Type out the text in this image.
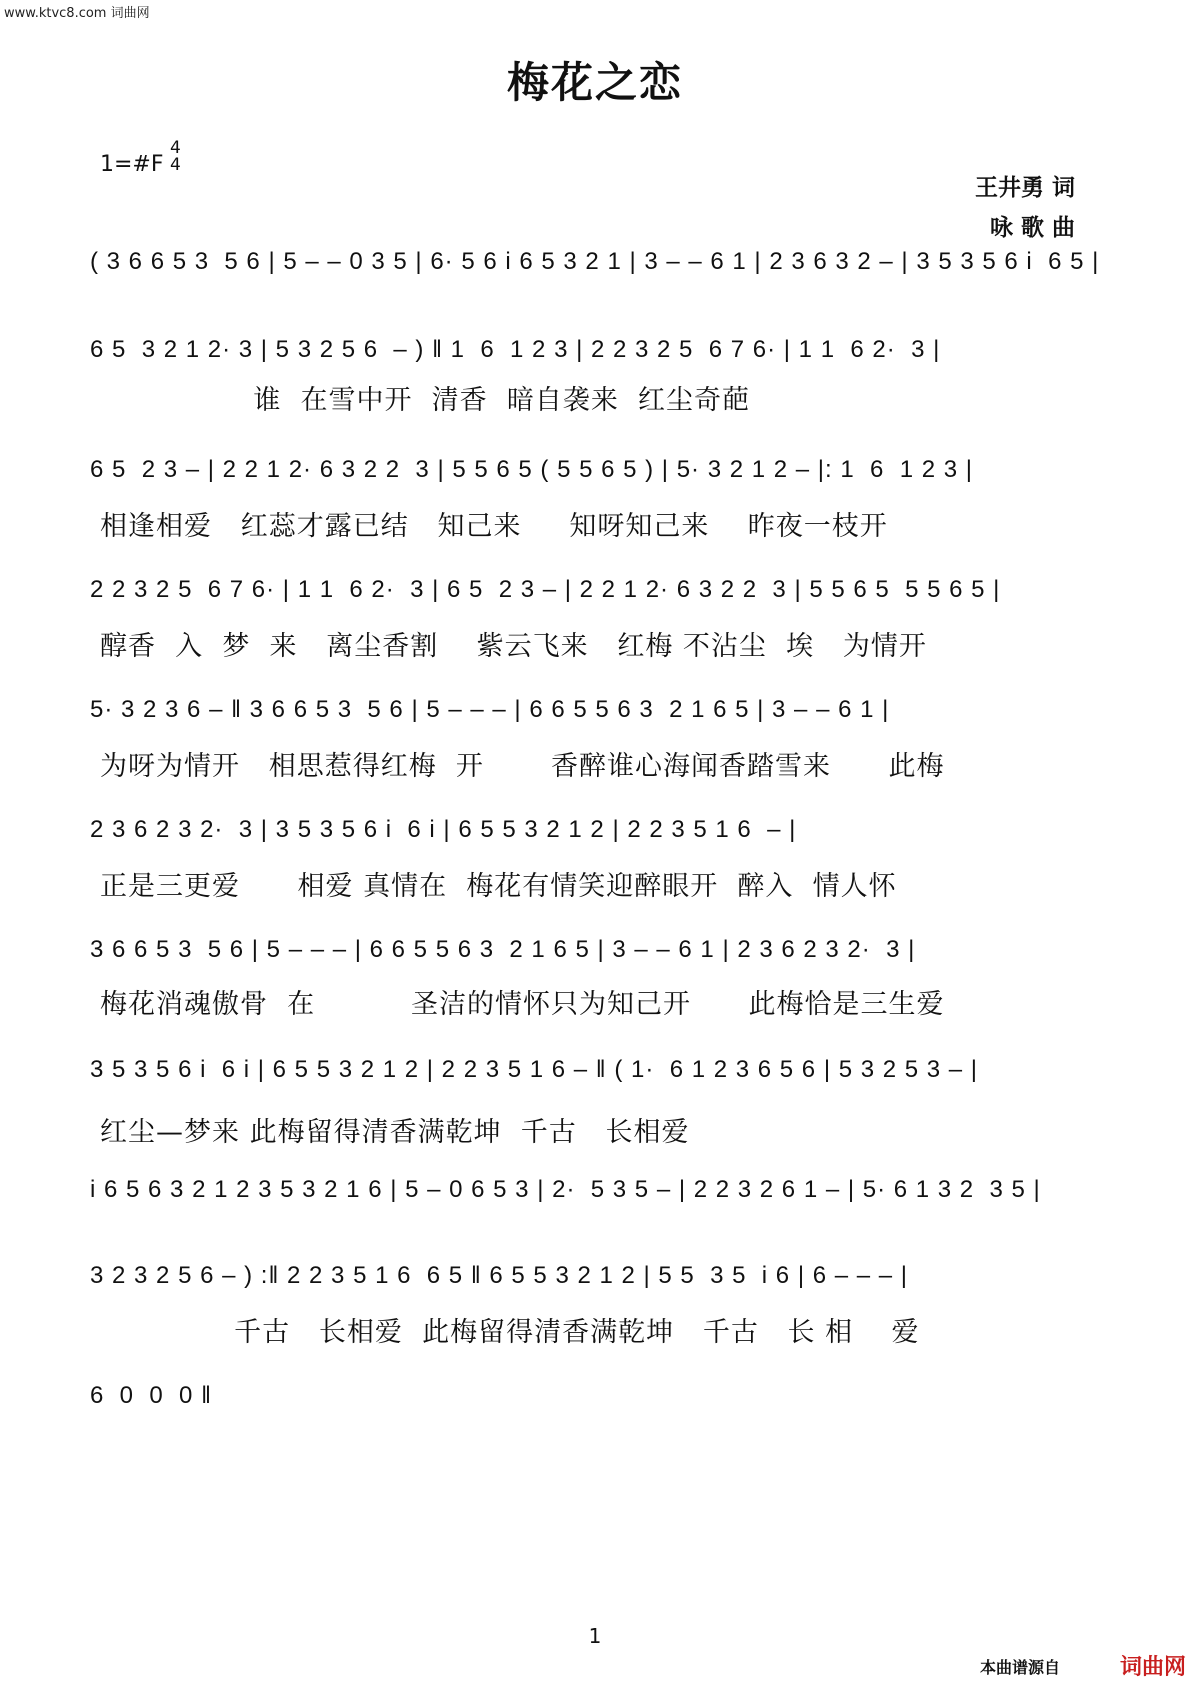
www.ktvc8.com 词曲网
梅花之恋
1=#F
4
4
王井勇 词
咏 歌 曲
( 3 6 6 5 3  5 6 | 5 – – 0 3 5 | 6· 5 6 i 6 5 3 2 1 | 3 – – 6 1 | 2 3 6 3 2 – | 3 5 3 5 6 i  6 5 |
6 5  3 2 1 2· 3 | 5 3 2 5 6  – ) ‖ 1  6  1 2 3 | 2 2 3 2 5  6 7 6· | 1 1  6 2·  3 |
谁  在雪中开  清香  暗自袭来  红尘奇葩
6 5  2 3 – | 2 2 1 2· 6 3 2 2  3 | 5 5 6 5 ( 5 5 6 5 ) | 5· 3 2 1 2 – |: 1  6  1 2 3 |
相逢相爱   红蕊才露已结   知己来     知呀知己来    昨夜一枝开
2 2 3 2 5  6 7 6· | 1 1  6 2·  3 | 6 5  2 3 – | 2 2 1 2· 6 3 2 2  3 | 5 5 6 5  5 5 6 5 |
醇香  入  梦  来   离尘香割    紫云飞来   红梅 不沾尘  埃   为情开
5· 3 2 3 6 – ‖ 3 6 6 5 3  5 6 | 5 – – – | 6 6 5 5 6 3  2 1 6 5 | 3 – – 6 1 |
为呀为情开   相思惹得红梅  开       香醉谁心海闻香踏雪来      此梅
2 3 6 2 3 2·  3 | 3 5 3 5 6 i  6 i | 6 5 5 3 2 1 2 | 2 2 3 5 1 6  – |
正是三更爱      相爱 真情在  梅花有情笑迎醉眼开  醉入  情人怀
3 6 6 5 3  5 6 | 5 – – – | 6 6 5 5 6 3  2 1 6 5 | 3 – – 6 1 | 2 3 6 2 3 2·  3 |
梅花消魂傲骨  在          圣洁的情怀只为知己开      此梅恰是三生爱
3 5 3 5 6 i  6 i | 6 5 5 3 2 1 2 | 2 2 3 5 1 6 – ‖ ( 1·  6 1 2 3 6 5 6 | 5 3 2 5 3 – |
红尘—梦来 此梅留得清香满乾坤  千古   长相爱
i 6 5 6 3 2 1 2 3 5 3 2 1 6 | 5 – 0 6 5 3 | 2·  5 3 5 – | 2 2 3 2 6 1 – | 5· 6 1 3 2  3 5 |
3 2 3 2 5 6 – ) :‖ 2 2 3 5 1 6  6 5 ‖ 6 5 5 3 2 1 2 | 5 5  3 5  i 6 | 6 – – – |
千古   长相爱  此梅留得清香满乾坤   千古   长 相    爱
6  0  0  0 ‖
1
本曲谱源自	词曲网
